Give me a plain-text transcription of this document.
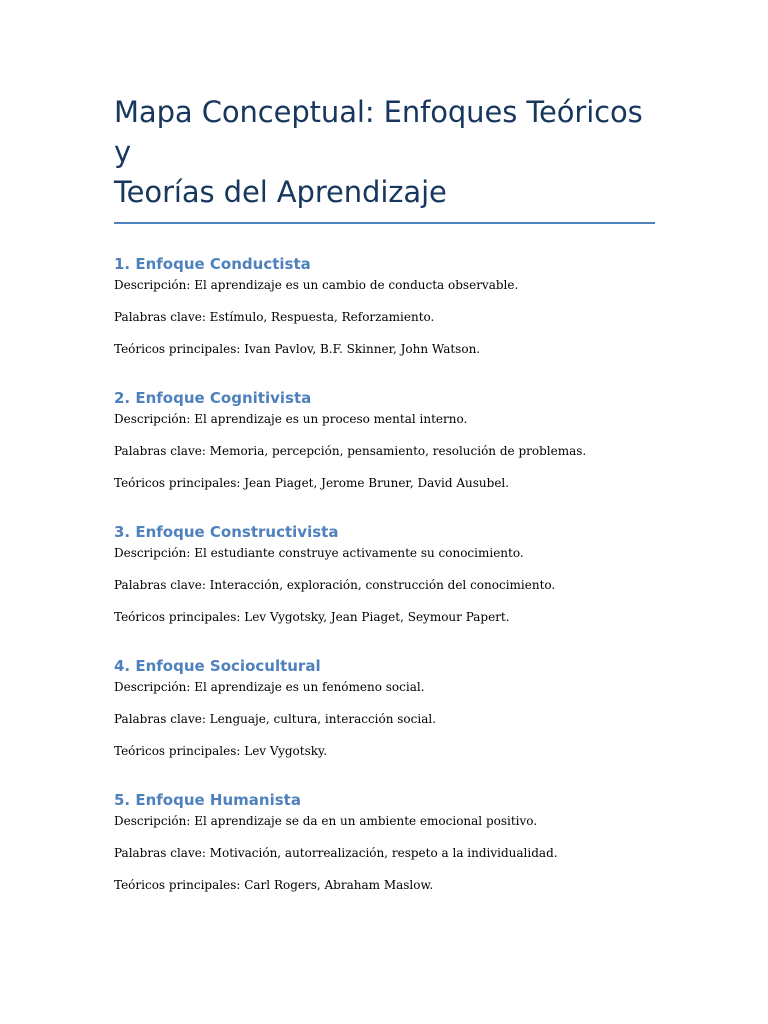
Mapa Conceptual: Enfoques Teóricos y
Teorías del Aprendizaje
1. Enfoque Conductista

Descripción: El aprendizaje es un cambio de conducta observable.

Palabras clave: Estímulo, Respuesta, Reforzamiento.

Teóricos principales: Ivan Pavlov, B.F. Skinner, John Watson.

2. Enfoque Cognitivista

Descripción: El aprendizaje es un proceso mental interno.

Palabras clave: Memoria, percepción, pensamiento, resolución de problemas.

Teóricos principales: Jean Piaget, Jerome Bruner, David Ausubel.

3. Enfoque Constructivista

Descripción: El estudiante construye activamente su conocimiento.

Palabras clave: Interacción, exploración, construcción del conocimiento.

Teóricos principales: Lev Vygotsky, Jean Piaget, Seymour Papert.

4. Enfoque Sociocultural

Descripción: El aprendizaje es un fenómeno social.

Palabras clave: Lenguaje, cultura, interacción social.

Teóricos principales: Lev Vygotsky.

5. Enfoque Humanista

Descripción: El aprendizaje se da en un ambiente emocional positivo.

Palabras clave: Motivación, autorrealización, respeto a la individualidad.

Teóricos principales: Carl Rogers, Abraham Maslow.
